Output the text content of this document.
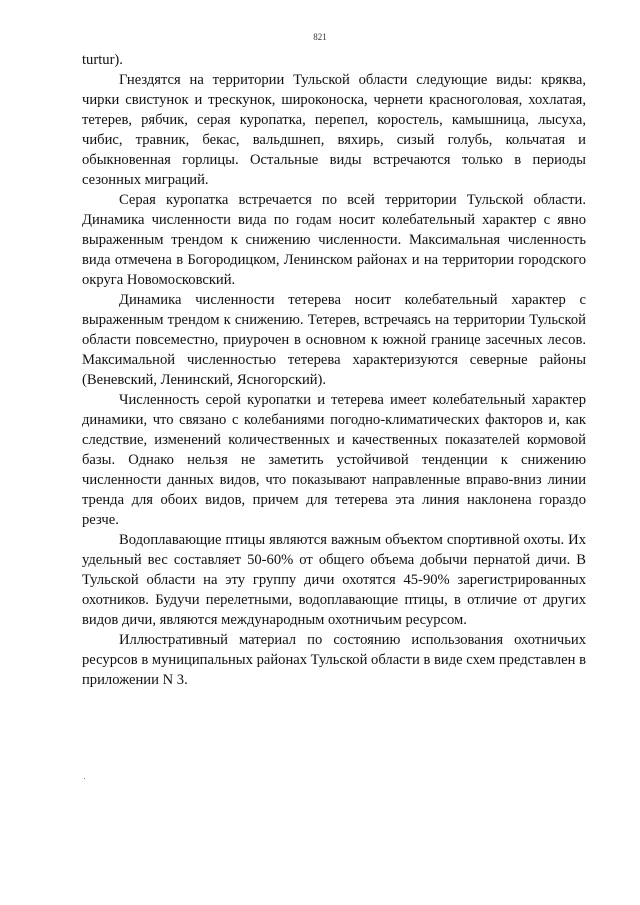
821

turtur).

Гнездятся на территории Тульской области следующие виды: кряква, чирки свистунок и трескунок, широконоска, чернети красноголовая, хохлатая, тетерев, рябчик, серая куропатка, перепел, коростель, камышница, лысуха, чибис, травник, бекас, вальдшнеп, вяхирь, сизый голубь, кольчатая и обыкновенная горлицы. Остальные виды встречаются только в периоды сезонных миграций.

Серая куропатка встречается по всей территории Тульской области. Динамика численности вида по годам носит колебательный характер с явно выраженным трендом к снижению численности. Максимальная численность вида отмечена в Богородицком, Ленинском районах и на территории городского округа Новомосковский.

Динамика численности тетерева носит колебательный характер с выраженным трендом к снижению. Тетерев, встречаясь на территории Тульской области повсеместно, приурочен в основном к южной границе засечных лесов. Максимальной численностью тетерева характеризуются северные районы (Веневский, Ленинский, Ясногорский).

Численность серой куропатки и тетерева имеет колебательный характер динамики, что связано с колебаниями погодно-климатических факторов и, как следствие, изменений количественных и качественных показателей кормовой базы. Однако нельзя не заметить устойчивой тенденции к снижению численности данных видов, что показывают направленные вправо-вниз линии тренда для обоих видов, причем для тетерева эта линия наклонена гораздо резче.

Водоплавающие птицы являются важным объектом спортивной охоты. Их удельный вес составляет 50-60% от общего объема добычи пернатой дичи. В Тульской области на эту группу дичи охотятся 45-90% зарегистрированных охотников. Будучи перелетными, водоплавающие птицы, в отличие от других видов дичи, являются международным охотничьим ресурсом.

Иллюстративный материал по состоянию использования охотничьих ресурсов в муниципальных районах Тульской области в виде схем представлен в приложении N 3.
